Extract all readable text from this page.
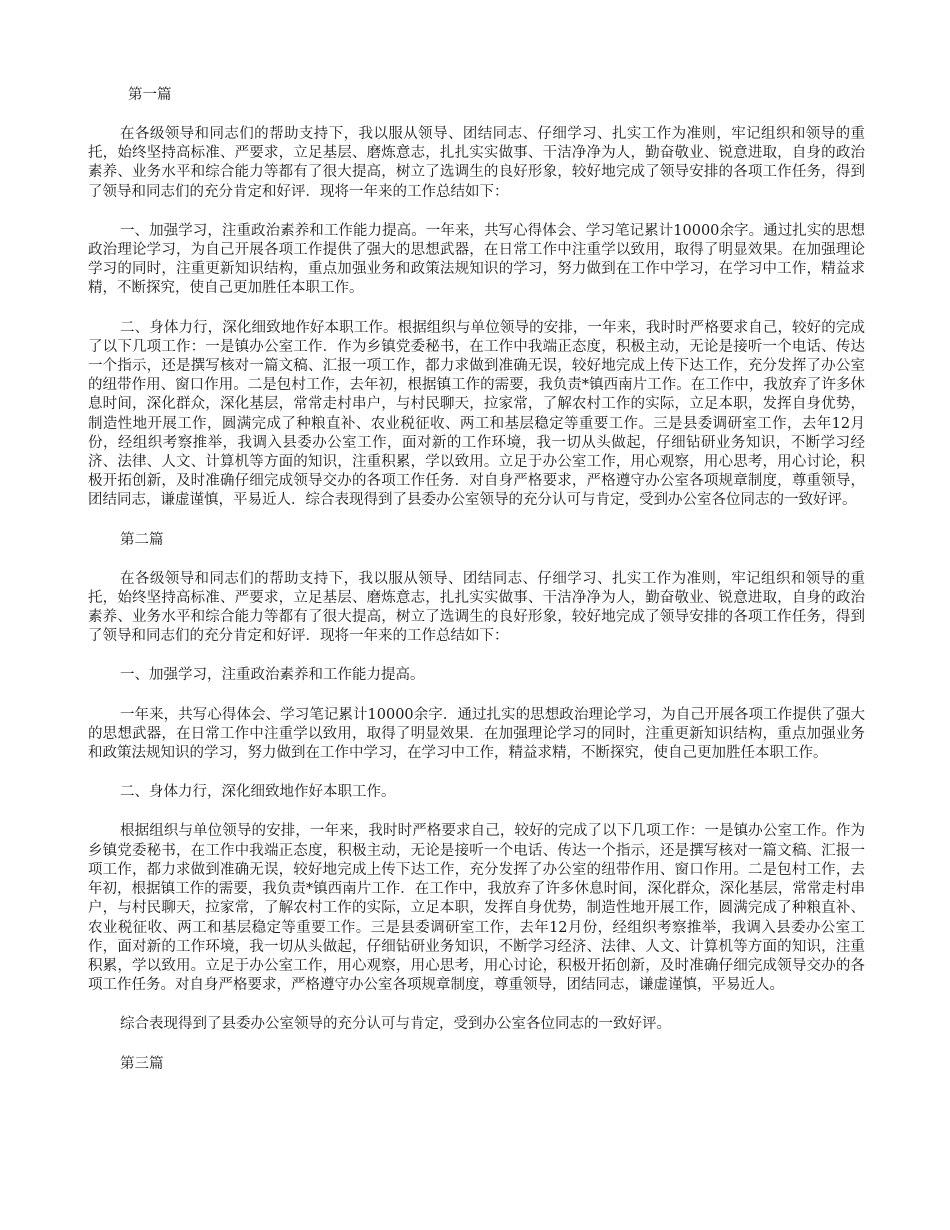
第一篇

在各级领导和同志们的帮助支持下，我以服从领导、团结同志、仔细学习、扎实工作为准则，牢记组织和领导的重托，始终坚持高标准、严要求，立足基层、磨炼意志，扎扎实实做事、干洁净净为人，勤奋敬业、锐意进取，自身的政治素养、业务水平和综合能力等都有了很大提高，树立了选调生的良好形象，较好地完成了领导安排的各项工作任务，得到了领导和同志们的充分肯定和好评．现将一年来的工作总结如下：

一、加强学习，注重政治素养和工作能力提高。一年来，共写心得体会、学习笔记累计10000余字。通过扎实的思想政治理论学习，为自己开展各项工作提供了强大的思想武器，在日常工作中注重学以致用，取得了明显效果。在加强理论学习的同时，注重更新知识结构，重点加强业务和政策法规知识的学习，努力做到在工作中学习，在学习中工作，精益求精，不断探究，使自己更加胜任本职工作。

二、身体力行，深化细致地作好本职工作。根据组织与单位领导的安排，一年来，我时时严格要求自己，较好的完成了以下几项工作：一是镇办公室工作．作为乡镇党委秘书，在工作中我端正态度，积极主动，无论是接听一个电话、传达一个指示，还是撰写核对一篇文稿、汇报一项工作，都力求做到准确无误，较好地完成上传下达工作，充分发挥了办公室的纽带作用、窗口作用。二是包村工作，去年初，根据镇工作的需要，我负责*镇西南片工作。在工作中，我放弃了许多休息时间，深化群众，深化基层，常常走村串户，与村民聊天，拉家常，了解农村工作的实际，立足本职，发挥自身优势，制造性地开展工作，圆满完成了种粮直补、农业税征收、两工和基层稳定等重要工作。三是县委调研室工作，去年12月份，经组织考察推举，我调入县委办公室工作，面对新的工作环境，我一切从头做起，仔细钻研业务知识，不断学习经济、法律、人文、计算机等方面的知识，注重积累，学以致用。立足于办公室工作，用心观察，用心思考，用心讨论，积极开拓创新，及时准确仔细完成领导交办的各项工作任务．对自身严格要求，严格遵守办公室各项规章制度，尊重领导，团结同志，谦虚谨慎，平易近人．综合表现得到了县委办公室领导的充分认可与肯定，受到办公室各位同志的一致好评。

第二篇

在各级领导和同志们的帮助支持下，我以服从领导、团结同志、仔细学习、扎实工作为准则，牢记组织和领导的重托，始终坚持高标准、严要求，立足基层、磨炼意志，扎扎实实做事、干洁净净为人，勤奋敬业、锐意进取，自身的政治素养、业务水平和综合能力等都有了很大提高，树立了选调生的良好形象，较好地完成了领导安排的各项工作任务，得到了领导和同志们的充分肯定和好评．现将一年来的工作总结如下：

一、加强学习，注重政治素养和工作能力提高。

一年来，共写心得体会、学习笔记累计10000余字．通过扎实的思想政治理论学习，为自己开展各项工作提供了强大的思想武器，在日常工作中注重学以致用，取得了明显效果．在加强理论学习的同时，注重更新知识结构，重点加强业务和政策法规知识的学习，努力做到在工作中学习，在学习中工作，精益求精，不断探究，使自己更加胜任本职工作。

二、身体力行，深化细致地作好本职工作。

根据组织与单位领导的安排，一年来，我时时严格要求自己，较好的完成了以下几项工作：一是镇办公室工作。作为乡镇党委秘书，在工作中我端正态度，积极主动，无论是接听一个电话、传达一个指示，还是撰写核对一篇文稿、汇报一项工作，都力求做到准确无误，较好地完成上传下达工作，充分发挥了办公室的纽带作用、窗口作用。二是包村工作，去年初，根据镇工作的需要，我负责*镇西南片工作．在工作中，我放弃了许多休息时间，深化群众，深化基层，常常走村串户，与村民聊天，拉家常，了解农村工作的实际，立足本职，发挥自身优势，制造性地开展工作，圆满完成了种粮直补、农业税征收、两工和基层稳定等重要工作。三是县委调研室工作，去年12月份，经组织考察推举，我调入县委办公室工作，面对新的工作环境，我一切从头做起，仔细钻研业务知识，不断学习经济、法律、人文、计算机等方面的知识，注重积累，学以致用。立足于办公室工作，用心观察，用心思考，用心讨论，积极开拓创新，及时准确仔细完成领导交办的各项工作任务。对自身严格要求，严格遵守办公室各项规章制度，尊重领导，团结同志，谦虚谨慎，平易近人。

综合表现得到了县委办公室领导的充分认可与肯定，受到办公室各位同志的一致好评。

第三篇
